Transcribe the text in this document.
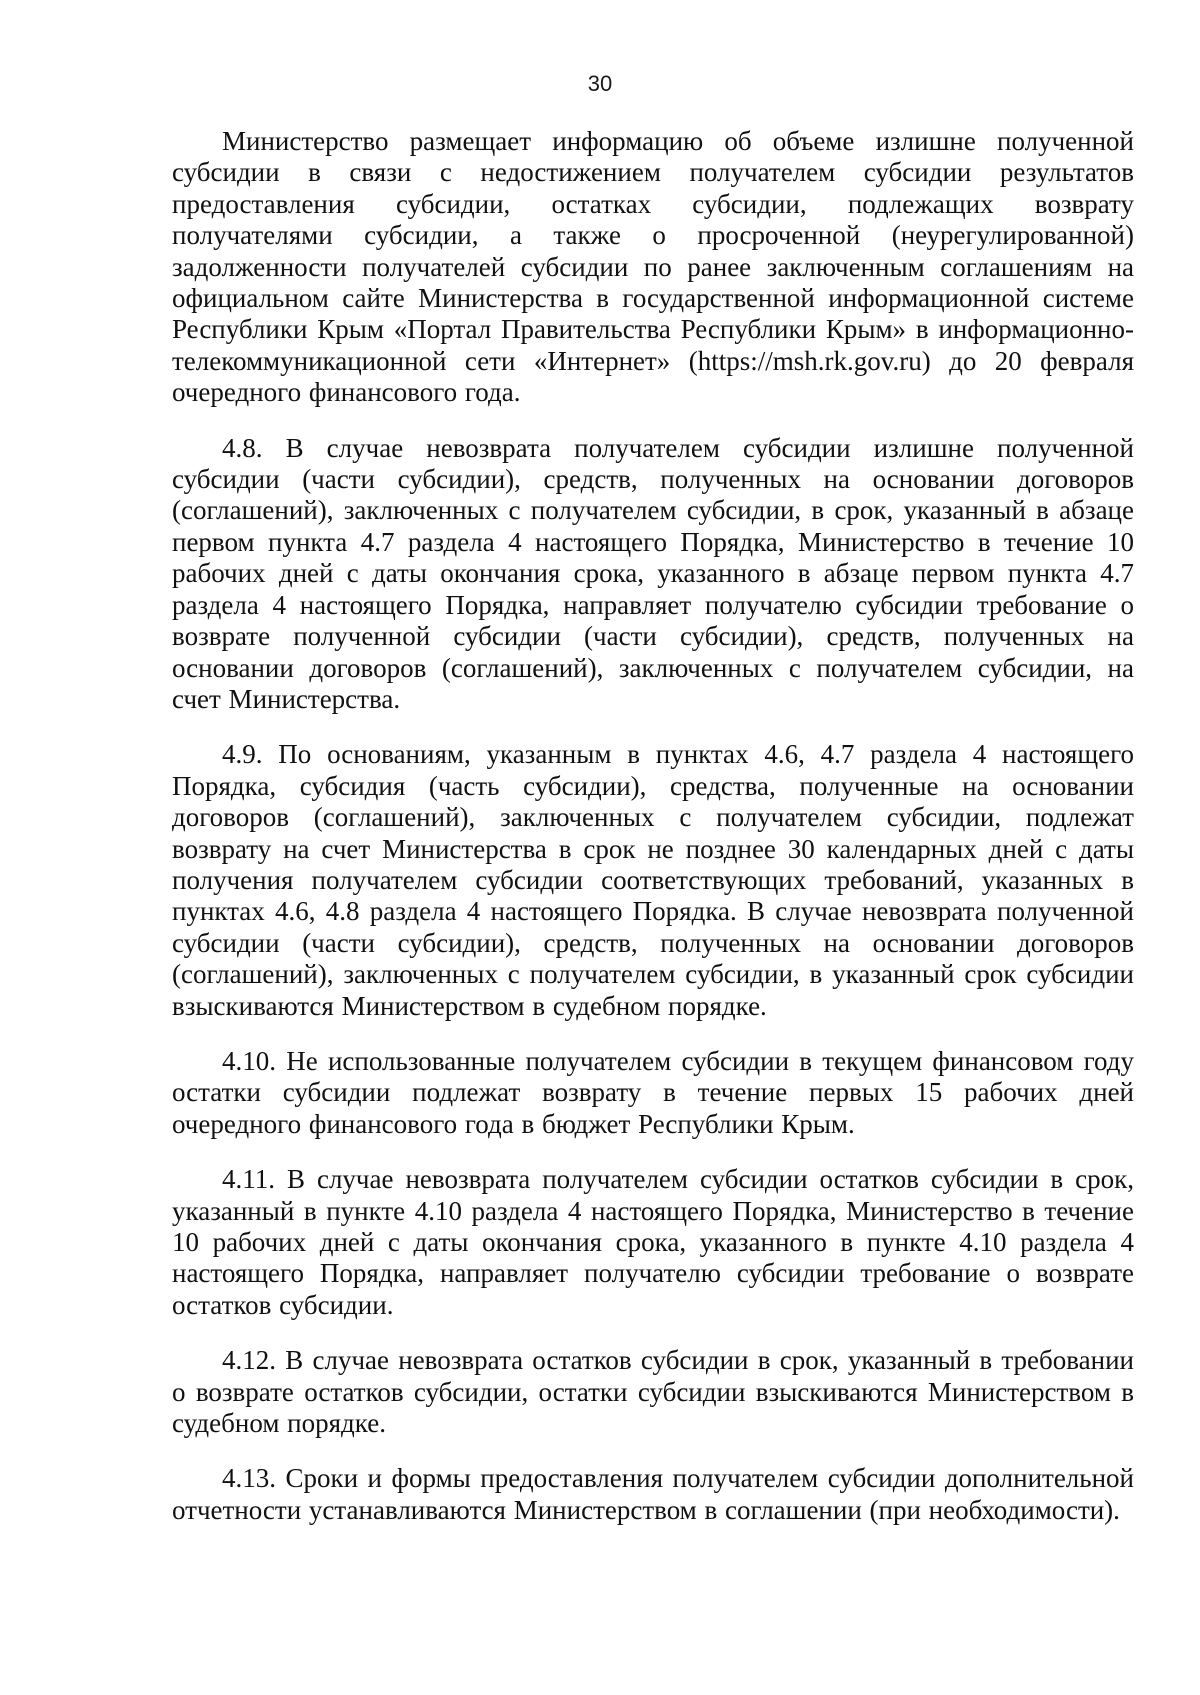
30

Министерство размещает информацию об объеме излишне полученной субсидии в связи с недостижением получателем субсидии результатов предоставления субсидии, остатках субсидии, подлежащих возврату получателями субсидии, а также о просроченной (неурегулированной) задолженности получателей субсидии по ранее заключенным соглашениям на официальном сайте Министерства в государственной информационной системе Республики Крым «Портал Правительства Республики Крым» в информационно-телекоммуникационной сети «Интернет» (https://msh.rk.gov.ru) до 20 февраля очередного финансового года.

4.8. В случае невозврата получателем субсидии излишне полученной субсидии (части субсидии), средств, полученных на основании договоров (соглашений), заключенных с получателем субсидии, в срок, указанный в абзаце первом пункта 4.7 раздела 4 настоящего Порядка, Министерство в течение 10 рабочих дней с даты окончания срока, указанного в абзаце первом пункта 4.7 раздела 4 настоящего Порядка, направляет получателю субсидии требование о возврате полученной субсидии (части субсидии), средств, полученных на основании договоров (соглашений), заключенных с получателем субсидии, на счет Министерства.

4.9. По основаниям, указанным в пунктах 4.6, 4.7 раздела 4 настоящего Порядка, субсидия (часть субсидии), средства, полученные на основании договоров (соглашений), заключенных с получателем субсидии, подлежат возврату на счет Министерства в срок не позднее 30 календарных дней с даты получения получателем субсидии соответствующих требований, указанных в пунктах 4.6, 4.8 раздела 4 настоящего Порядка. В случае невозврата полученной субсидии (части субсидии), средств, полученных на основании договоров (соглашений), заключенных с получателем субсидии, в указанный срок субсидии взыскиваются Министерством в судебном порядке.

4.10. Не использованные получателем субсидии в текущем финансовом году остатки субсидии подлежат возврату в течение первых 15 рабочих дней очередного финансового года в бюджет Республики Крым.

4.11. В случае невозврата получателем субсидии остатков субсидии в срок, указанный в пункте 4.10 раздела 4 настоящего Порядка, Министерство в течение 10 рабочих дней с даты окончания срока, указанного в пункте 4.10 раздела 4 настоящего Порядка, направляет получателю субсидии требование о возврате остатков субсидии.

4.12. В случае невозврата остатков субсидии в срок, указанный в требовании о возврате остатков субсидии, остатки субсидии взыскиваются Министерством в судебном порядке.

4.13. Сроки и формы предоставления получателем субсидии дополнительной отчетности устанавливаются Министерством в соглашении (при необходимости).
